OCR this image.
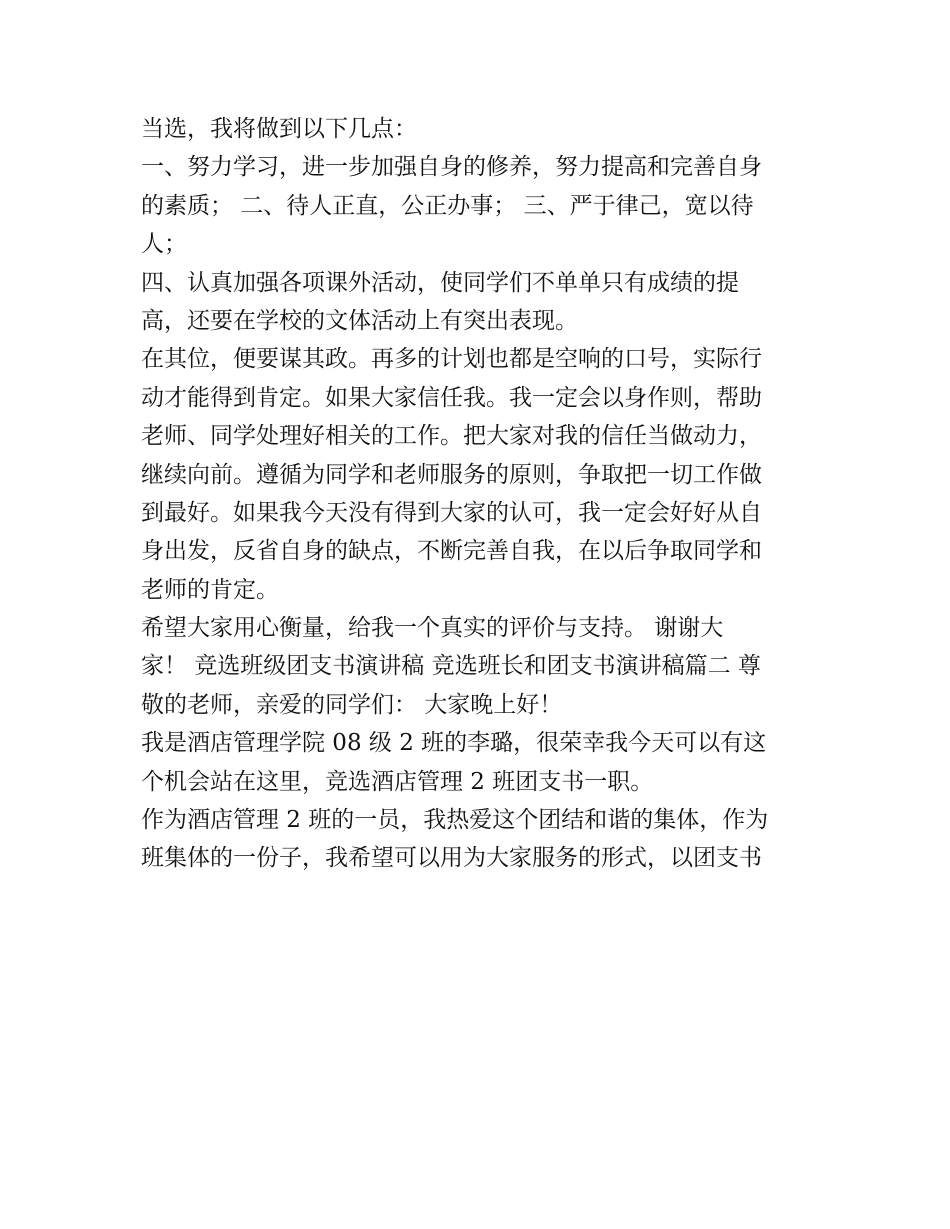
当选，我将做到以下几点：
一、努力学习，进一步加强自身的修养，努力提高和完善自身
的素质； 二、待人正直，公正办事； 三、严于律己，宽以待
人；
四、认真加强各项课外活动，使同学们不单单只有成绩的提
高，还要在学校的文体活动上有突出表现。
在其位，便要谋其政。再多的计划也都是空响的口号，实际行
动才能得到肯定。如果大家信任我。我一定会以身作则，帮助
老师、同学处理好相关的工作。把大家对我的信任当做动力，
继续向前。遵循为同学和老师服务的原则，争取把一切工作做
到最好。如果我今天没有得到大家的认可，我一定会好好从自
身出发，反省自身的缺点，不断完善自我，在以后争取同学和
老师的肯定。
希望大家用心衡量，给我一个真实的评价与支持。 谢谢大
家！ 竞选班级团支书演讲稿 竞选班长和团支书演讲稿篇二 尊
敬的老师，亲爱的同学们： 大家晚上好！
我是酒店管理学院 08 级 2 班的李璐，很荣幸我今天可以有这
个机会站在这里，竞选酒店管理 2 班团支书一职。
作为酒店管理 2 班的一员，我热爱这个团结和谐的集体，作为
班集体的一份子，我希望可以用为大家服务的形式，以团支书
